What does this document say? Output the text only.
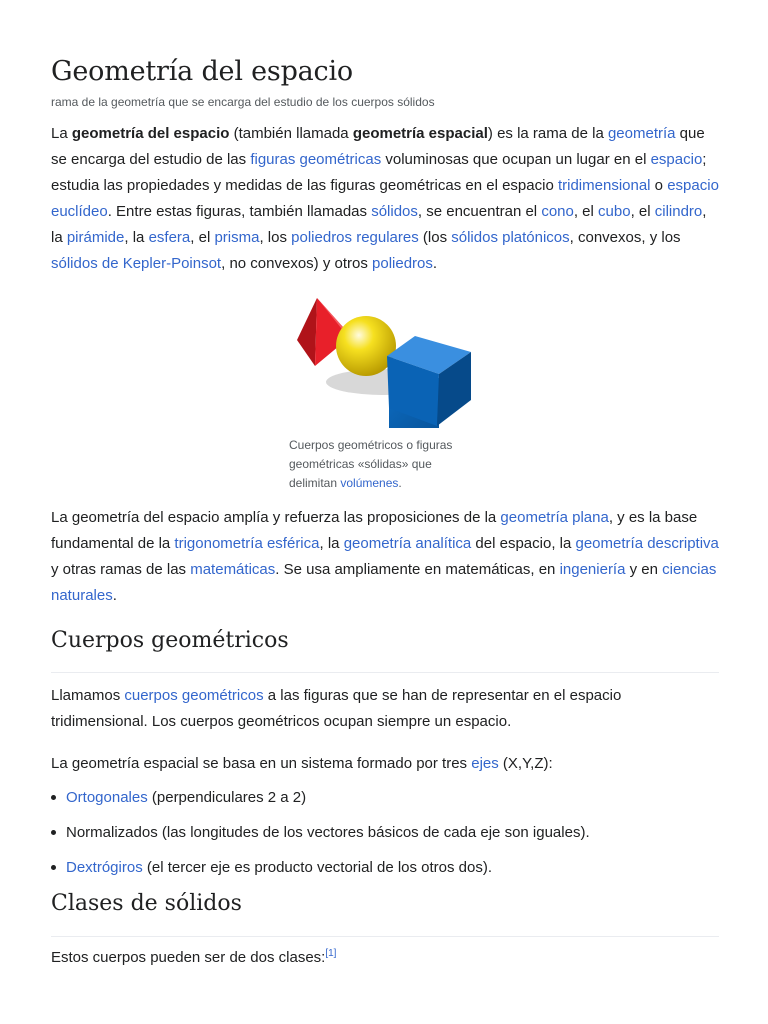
Geometría del espacio
rama de la geometría que se encarga del estudio de los cuerpos sólidos

La geometría del espacio (también llamada geometría espacial) es la rama de la geometría que se encarga del estudio de las figuras geométricas voluminosas que ocupan un lugar en el espacio; estudia las propiedades y medidas de las figuras geométricas en el espacio tridimensional o espacio euclídeo. Entre estas figuras, también llamadas sólidos, se encuentran el cono, el cubo, el cilindro, la pirámide, la esfera, el prisma, los poliedros regulares (los sólidos platónicos, convexos, y los sólidos de Kepler-Poinsot, no convexos) y otros poliedros.

Cuerpos geométricos o figuras geométricas «sólidas» que delimitan volúmenes.

La geometría del espacio amplía y refuerza las proposiciones de la geometría plana, y es la base fundamental de la trigonometría esférica, la geometría analítica del espacio, la geometría descriptiva y otras ramas de las matemáticas. Se usa ampliamente en matemáticas, en ingeniería y en ciencias naturales.

Cuerpos geométricos

Llamamos cuerpos geométricos a las figuras que se han de representar en el espacio tridimensional. Los cuerpos geométricos ocupan siempre un espacio.

La geometría espacial se basa en un sistema formado por tres ejes (X,Y,Z):

Ortogonales (perpendiculares 2 a 2)
Normalizados (las longitudes de los vectores básicos de cada eje son iguales).
Dextrógiros (el tercer eje es producto vectorial de los otros dos).
Clases de sólidos

Estos cuerpos pueden ser de dos clases:[1]
